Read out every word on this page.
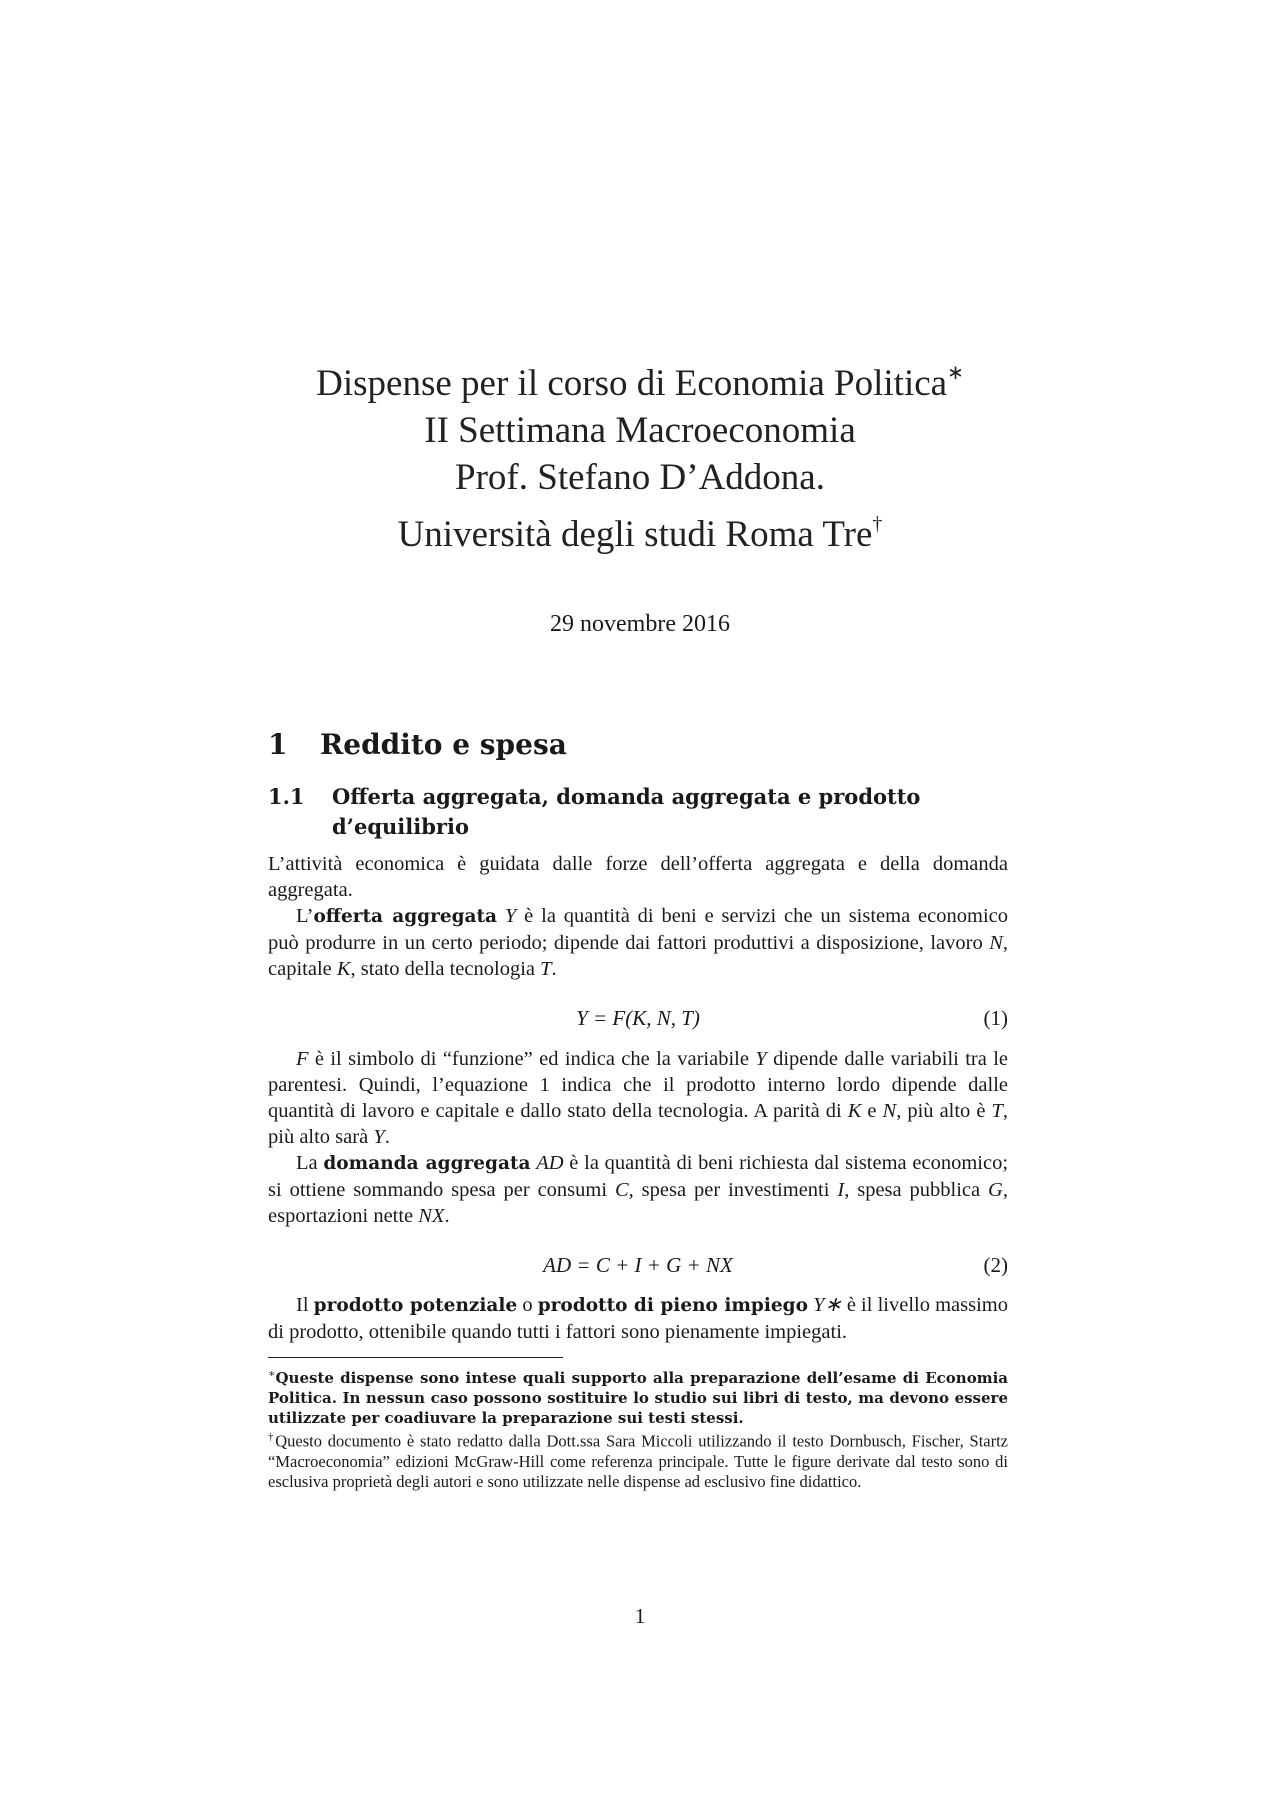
Dispense per il corso di Economia Politica∗
II Settimana Macroeconomia
Prof. Stefano D’Addona.
Università degli studi Roma Tre†
29 novembre 2016
1 Reddito e spesa
1.1 Offerta aggregata, domanda aggregata e prodotto d’equilibrio

L’attività economica è guidata dalle forze dell’offerta aggregata e della domanda aggregata.

L’offerta aggregata Y è la quantità di beni e servizi che un sistema economico può produrre in un certo periodo; dipende dai fattori produttivi a disposizione, lavoro N, capitale K, stato della tecnologia T.

Y = F(K, N, T)	(1)

F è il simbolo di “funzione” ed indica che la variabile Y dipende dalle variabili tra le parentesi. Quindi, l’equazione 1 indica che il prodotto interno lordo dipende dalle quantità di lavoro e capitale e dallo stato della tecnologia. A parità di K e N, più alto è T, più alto sarà Y.

La domanda aggregata AD è la quantità di beni richiesta dal sistema economico; si ottiene sommando spesa per consumi C, spesa per investimenti I, spesa pubblica G, esportazioni nette NX.

AD = C + I + G + NX	(2)

Il prodotto potenziale o prodotto di pieno impiego Y∗ è il livello massimo di prodotto, ottenibile quando tutti i fattori sono pienamente impiegati.

∗Queste dispense sono intese quali supporto alla preparazione dell’esame di Economia Politica. In nessun caso possono sostituire lo studio sui libri di testo, ma devono essere utilizzate per coadiuvare la preparazione sui testi stessi.

†Questo documento è stato redatto dalla Dott.ssa Sara Miccoli utilizzando il testo Dornbusch, Fischer, Startz “Macroeconomia” edizioni McGraw-Hill come referenza principale. Tutte le figure derivate dal testo sono di esclusiva proprietà degli autori e sono utilizzate nelle dispense ad esclusivo fine didattico.

1
